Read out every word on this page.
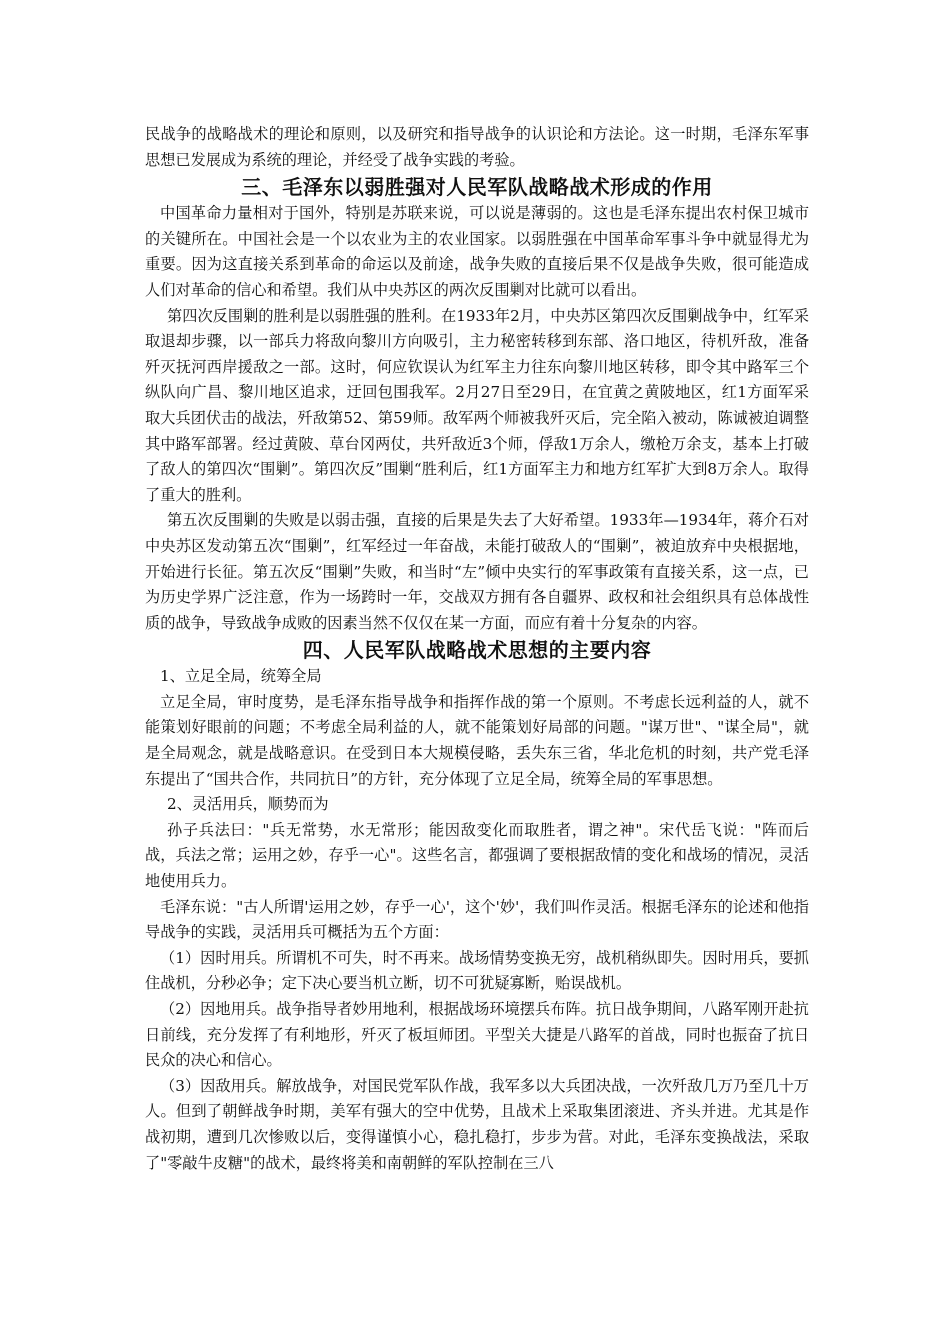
民战争的战略战术的理论和原则，以及研究和指导战争的认识论和方法论。这一时期，毛泽东军事思想已发展成为系统的理论，并经受了战争实践的考验。

三、毛泽东以弱胜强对人民军队战略战术形成的作用

中国革命力量相对于国外，特别是苏联来说，可以说是薄弱的。这也是毛泽东提出农村保卫城市的关键所在。中国社会是一个以农业为主的农业国家。以弱胜强在中国革命军事斗争中就显得尤为重要。因为这直接关系到革命的命运以及前途，战争失败的直接后果不仅是战争失败，很可能造成人们对革命的信心和希望。我们从中央苏区的两次反围剿对比就可以看出。

第四次反围剿的胜利是以弱胜强的胜利。在1933年2月，中央苏区第四次反围剿战争中，红军采取退却步骤，以一部兵力将敌向黎川方向吸引，主力秘密转移到东部、洛口地区，待机歼敌，准备歼灭抚河西岸援敌之一部。这时，何应钦误认为红军主力往东向黎川地区转移，即令其中路军三个纵队向广昌、黎川地区追求，迂回包围我军。2月27日至29日，在宜黄之黄陂地区，红1方面军采取大兵团伏击的战法，歼敌第52、第59师。敌军两个师被我歼灭后，完全陷入被动，陈诚被迫调整其中路军部署。经过黄陂、草台冈两仗，共歼敌近3个师，俘敌1万余人，缴枪万余支，基本上打破了敌人的第四次“围剿”。第四次反”围剿“胜利后，红1方面军主力和地方红军扩大到8万余人。取得了重大的胜利。

第五次反围剿的失败是以弱击强，直接的后果是失去了大好希望。1933年—1934年，蒋介石对中央苏区发动第五次“围剿”，红军经过一年奋战，未能打破敌人的“围剿”，被迫放弃中央根据地，开始进行长征。第五次反“围剿”失败，和当时“左”倾中央实行的军事政策有直接关系，这一点，已为历史学界广泛注意，作为一场跨时一年，交战双方拥有各自疆界、政权和社会组织具有总体战性质的战争，导致战争成败的因素当然不仅仅在某一方面，而应有着十分复杂的内容。

四、人民军队战略战术思想的主要内容

1、立足全局，统筹全局

立足全局，审时度势，是毛泽东指导战争和指挥作战的第一个原则。不考虑长远利益的人，就不能策划好眼前的问题；不考虑全局利益的人，就不能策划好局部的问题。"谋万世"、"谋全局"，就是全局观念，就是战略意识。在受到日本大规模侵略，丢失东三省，华北危机的时刻，共产党毛泽东提出了“国共合作，共同抗日”的方针，充分体现了立足全局，统筹全局的军事思想。

2、灵活用兵，顺势而为

孙子兵法曰："兵无常势，水无常形；能因敌变化而取胜者，谓之神"。宋代岳飞说："阵而后战，兵法之常；运用之妙，存乎一心"。这些名言，都强调了要根据敌情的变化和战场的情况，灵活地使用兵力。

毛泽东说："古人所谓'运用之妙，存乎一心'，这个'妙'，我们叫作灵活。根据毛泽东的论述和他指导战争的实践，灵活用兵可概括为五个方面：

（1）因时用兵。所谓机不可失，时不再来。战场情势变换无穷，战机稍纵即失。因时用兵，要抓住战机，分秒必争；定下决心要当机立断，切不可犹疑寡断，贻误战机。

（2）因地用兵。战争指导者妙用地利，根据战场环境摆兵布阵。抗日战争期间，八路军刚开赴抗日前线，充分发挥了有利地形，歼灭了板垣师团。平型关大捷是八路军的首战，同时也振奋了抗日民众的决心和信心。

（3）因敌用兵。解放战争，对国民党军队作战，我军多以大兵团决战，一次歼敌几万乃至几十万人。但到了朝鲜战争时期，美军有强大的空中优势，且战术上采取集团滚进、齐头并进。尤其是作战初期，遭到几次惨败以后，变得谨慎小心，稳扎稳打，步步为营。对此，毛泽东变换战法，采取了"零敲牛皮糖"的战术，最终将美和南朝鲜的军队控制在三八
